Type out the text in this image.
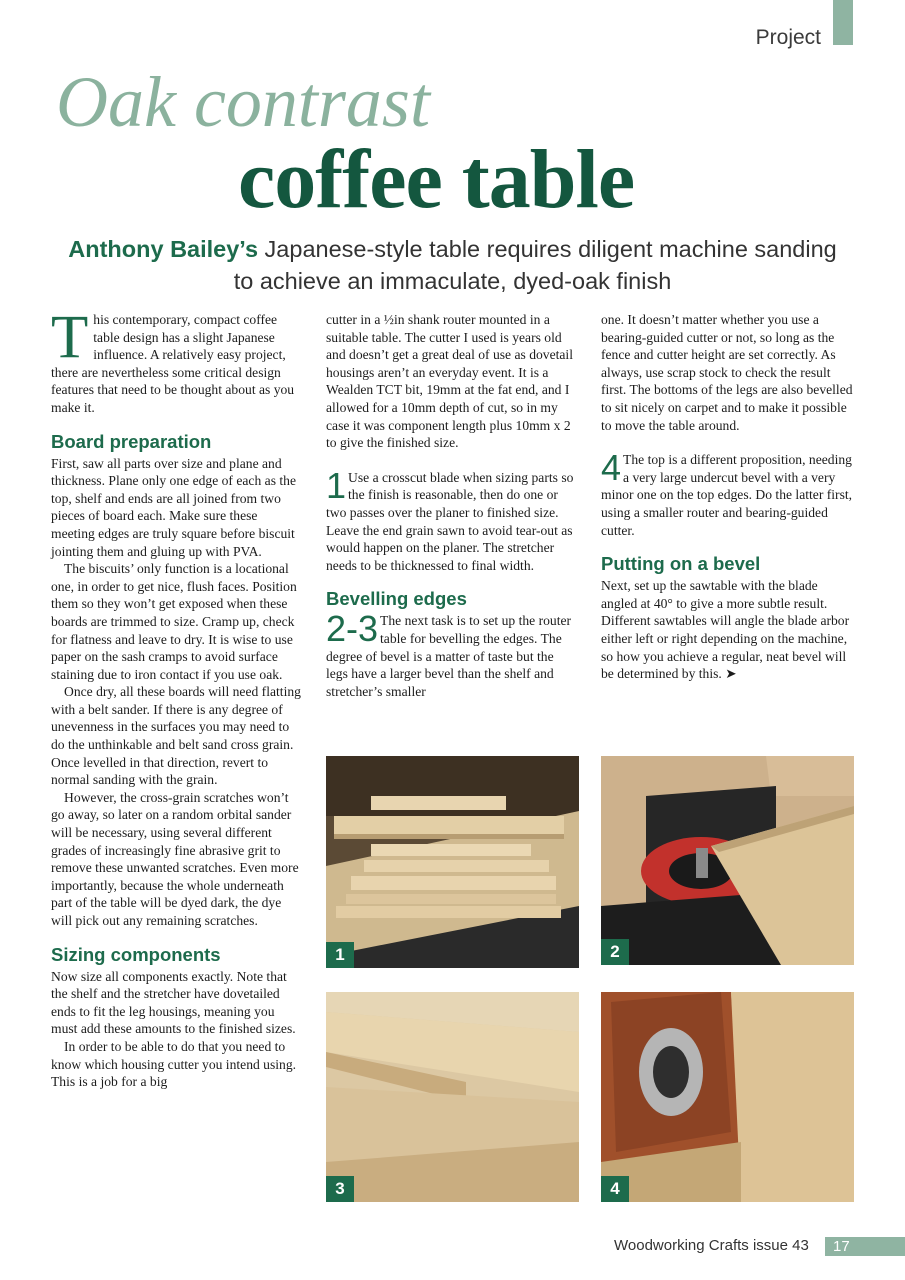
Project
Oak contrast
coffee table
Anthony Bailey’s Japanese-style table requires diligent machine sanding to achieve an immaculate, dyed-oak finish

This contemporary, compact coffee table design has a slight Japanese influence. A relatively easy project, there are nevertheless some critical design features that need to be thought about as you make it.

Board preparation

First, saw all parts over size and plane and thickness. Plane only one edge of each as the top, shelf and ends are all joined from two pieces of board each. Make sure these meeting edges are truly square before biscuit jointing them and gluing up with PVA.

The biscuits’ only function is a locational one, in order to get nice, flush faces. Position them so they won’t get exposed when these boards are trimmed to size. Cramp up, check for flatness and leave to dry. It is wise to use paper on the sash cramps to avoid surface staining due to iron contact if you use oak.

Once dry, all these boards will need flatting with a belt sander. If there is any degree of unevenness in the surfaces you may need to do the unthinkable and belt sand cross grain. Once levelled in that direction, revert to normal sanding with the grain.

However, the cross-grain scratches won’t go away, so later on a random orbital sander will be necessary, using several different grades of increasingly fine abrasive grit to remove these unwanted scratches. Even more importantly, because the whole underneath part of the table will be dyed dark, the dye will pick out any remaining scratches.

Sizing components

Now size all components exactly. Note that the shelf and the stretcher have dovetailed ends to fit the leg housings, meaning you must add these amounts to the finished sizes.

In order to be able to do that you need to know which housing cutter you intend using. This is a job for a big

cutter in a ½in shank router mounted in a suitable table. The cutter I used is years old and doesn’t get a great deal of use as dovetail housings aren’t an everyday event. It is a Wealden TCT bit, 19mm at the fat end, and I allowed for a 10mm depth of cut, so in my case it was component length plus 10mm x 2 to give the finished size.

1 Use a crosscut blade when sizing parts so the finish is reasonable, then do one or two passes over the planer to finished size. Leave the end grain sawn to avoid tear-out as would happen on the planer. The stretcher needs to be thicknessed to final width.

Bevelling edges

2-3 The next task is to set up the router table for bevelling the edges. The degree of bevel is a matter of taste but the legs have a larger bevel than the shelf and stretcher’s smaller

one. It doesn’t matter whether you use a bearing-guided cutter or not, so long as the fence and cutter height are set correctly. As always, use scrap stock to check the result first. The bottoms of the legs are also bevelled to sit nicely on carpet and to make it possible to move the table around.

4 The top is a different proposition, needing a very large undercut bevel with a very minor one on the top edges. Do the latter first, using a smaller router and bearing-guided cutter.

Putting on a bevel

Next, set up the sawtable with the blade angled at 40° to give a more subtle result. Different sawtables will angle the blade arbor either left or right depending on the machine, so how you achieve a regular, neat bevel will be determined by this. ➤

1	2
3	4
Woodworking Crafts issue 43	17
